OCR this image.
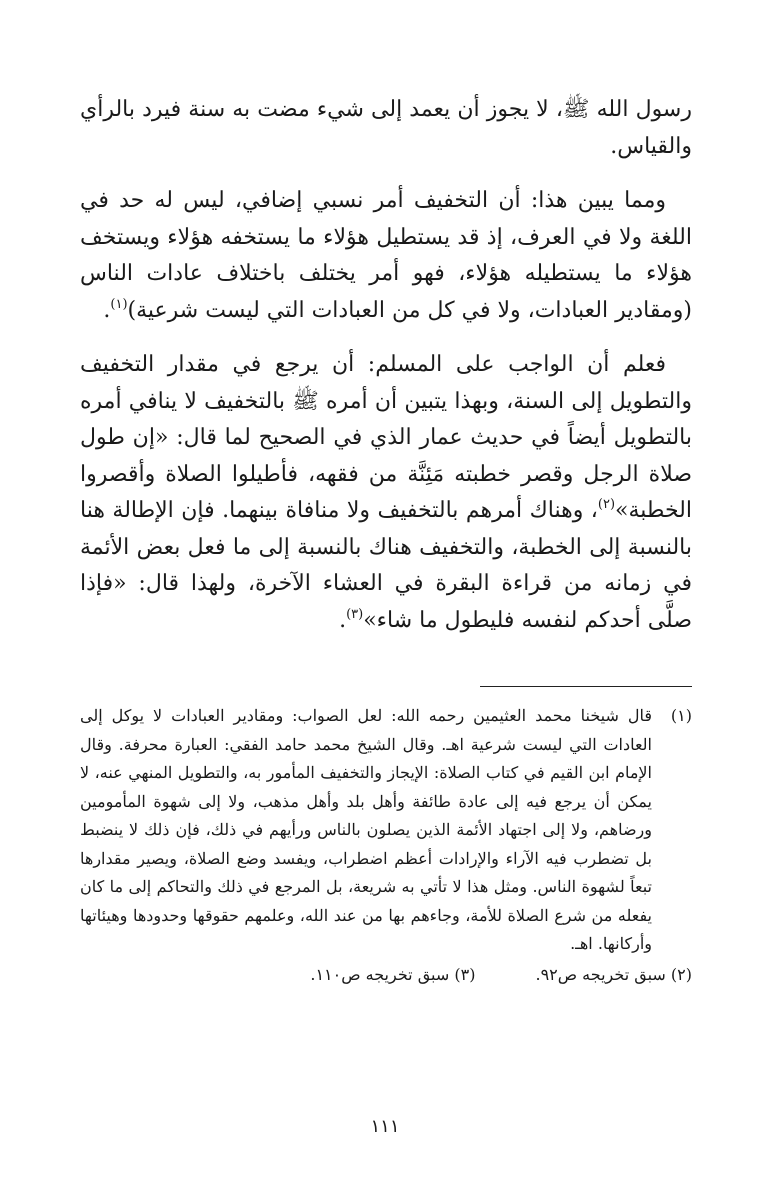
رسول الله ﷺ، لا يجوز أن يعمد إلى شيء مضت به سنة فيرد بالرأي والقياس.

ومما يبين هذا: أن التخفيف أمر نسبي إضافي، ليس له حد في اللغة ولا في العرف، إذ قد يستطيل هؤلاء ما يستخفه هؤلاء ويستخف هؤلاء ما يستطيله هؤلاء، فهو أمر يختلف باختلاف عادات الناس (ومقادير العبادات، ولا في كل من العبادات التي ليست شرعية)$^{(١)}$.

فعلم أن الواجب على المسلم: أن يرجع في مقدار التخفيف والتطويل إلى السنة، وبهذا يتبين أن أمره ﷺ بالتخفيف لا ينافي أمره بالتطويل أيضاً في حديث عمار الذي في الصحيح لما قال: «إن طول صلاة الرجل وقصر خطبته مَئِنَّة من فقهه، فأطيلوا الصلاة وأقصروا الخطبة»$^{(٢)}$، وهناك أمرهم بالتخفيف ولا منافاة بينهما. فإن الإطالة هنا بالنسبة إلى الخطبة، والتخفيف هناك بالنسبة إلى ما فعل بعض الأئمة في زمانه من قراءة البقرة في العشاء الآخرة، ولهذا قال: «فإذا صلَّى أحدكم لنفسه فليطول ما شاء»$^{(٣)}$.

(١)
قال شيخنا محمد العثيمين رحمه الله: لعل الصواب: ومقادير العبادات لا يوكل إلى العادات التي ليست شرعية اهـ. وقال الشيخ محمد حامد الفقي: العبارة محرفة. وقال الإمام ابن القيم في كتاب الصلاة: الإيجاز والتخفيف المأمور به، والتطويل المنهي عنه، لا يمكن أن يرجع فيه إلى عادة طائفة وأهل بلد وأهل مذهب، ولا إلى شهوة المأمومين ورضاهم، ولا إلى اجتهاد الأئمة الذين يصلون بالناس ورأيهم في ذلك، فإن ذلك لا ينضبط بل تضطرب فيه الآراء والإرادات أعظم اضطراب، ويفسد وضع الصلاة، ويصير مقدارها تبعاً لشهوة الناس. ومثل هذا لا تأتي به شريعة، بل المرجع في ذلك والتحاكم إلى ما كان يفعله من شرع الصلاة للأمة، وجاءهم بها من عند الله، وعلمهم حقوقها وحدودها وهيئاتها وأركانها. اهـ.
(٢) سبق تخريجه ص٩٢.
(٣) سبق تخريجه ص١١٠.
١١١
